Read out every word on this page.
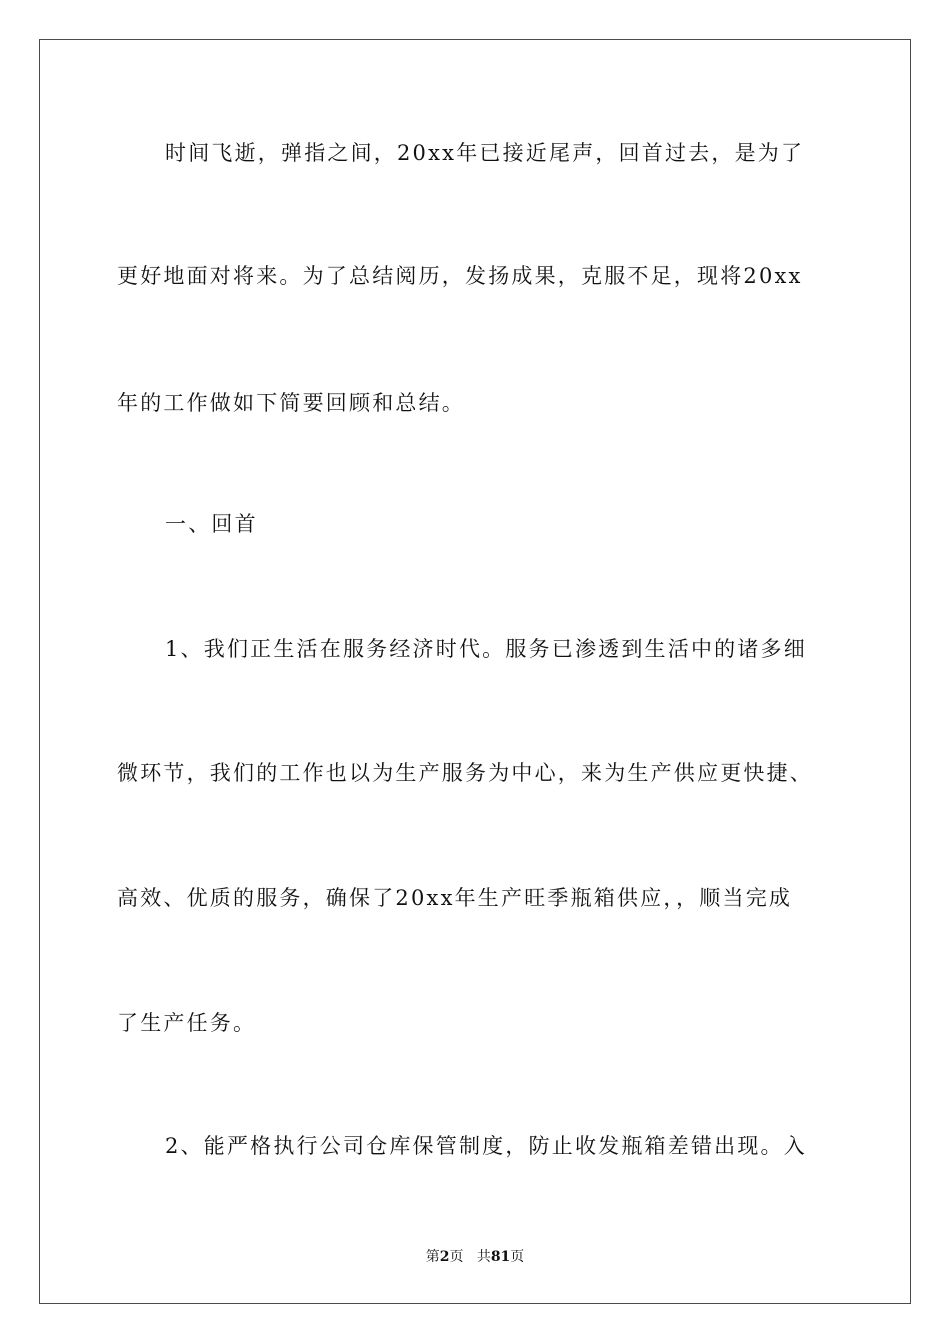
时间飞逝，弹指之间，20xx年已接近尾声，回首过去，是为了
更好地面对将来。为了总结阅历，发扬成果，克服不足，现将20xx
年的工作做如下简要回顾和总结。
一、回首
1、我们正生活在服务经济时代。服务已渗透到生活中的诸多细
微环节，我们的工作也以为生产服务为中心，来为生产供应更快捷、
高效、优质的服务，确保了20xx年生产旺季瓶箱供应，，顺当完成
了生产任务。
2、能严格执行公司仓库保管制度，防止收发瓶箱差错出现。入
第2页 共81页
